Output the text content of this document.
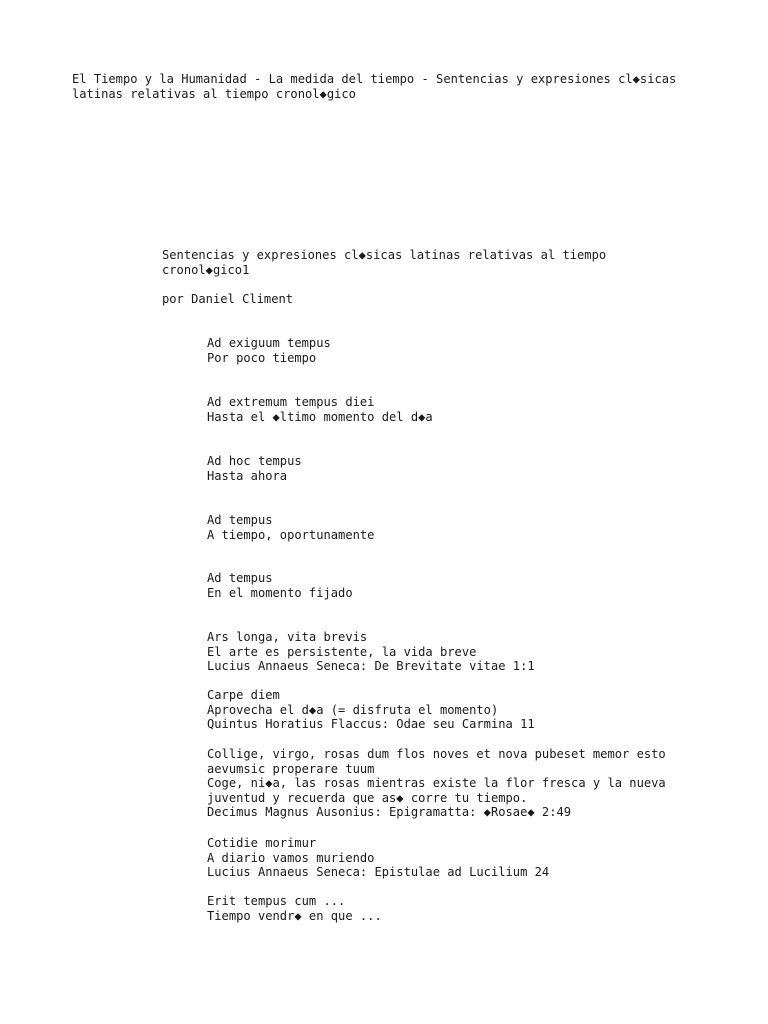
El Tiempo y la Humanidad - La medida del tiempo - Sentencias y expresiones cl◆sicas latinas relativas al tiempo cronol◆gico
Sentencias y expresiones cl◆sicas latinas relativas al tiempo cronol◆gico1

por Daniel Climent

Ad exiguum tempus
Por poco tiempo
Ad extremum tempus diei
Hasta el ◆ltimo momento del d◆a
Ad hoc tempus
Hasta ahora
Ad tempus
A tiempo, oportunamente
Ad tempus
En el momento fijado
Ars longa, vita brevis
El arte es persistente, la vida breve
Lucius Annaeus Seneca: De Brevitate vitae 1:1
Carpe diem
Aprovecha el d◆a (= disfruta el momento)
Quintus Horatius Flaccus: Odae seu Carmina 11
Collige, virgo, rosas dum flos noves et nova pubeset memor esto aevumsic properare tuum
Coge, ni◆a, las rosas mientras existe la flor fresca y la nueva juventud y recuerda que as◆ corre tu tiempo.
Decimus Magnus Ausonius: Epigramatta: ◆Rosae◆ 2:49
Cotidie morimur
A diario vamos muriendo
Lucius Annaeus Seneca: Epistulae ad Lucilium 24
Erit tempus cum ...
Tiempo vendr◆ en que ...
